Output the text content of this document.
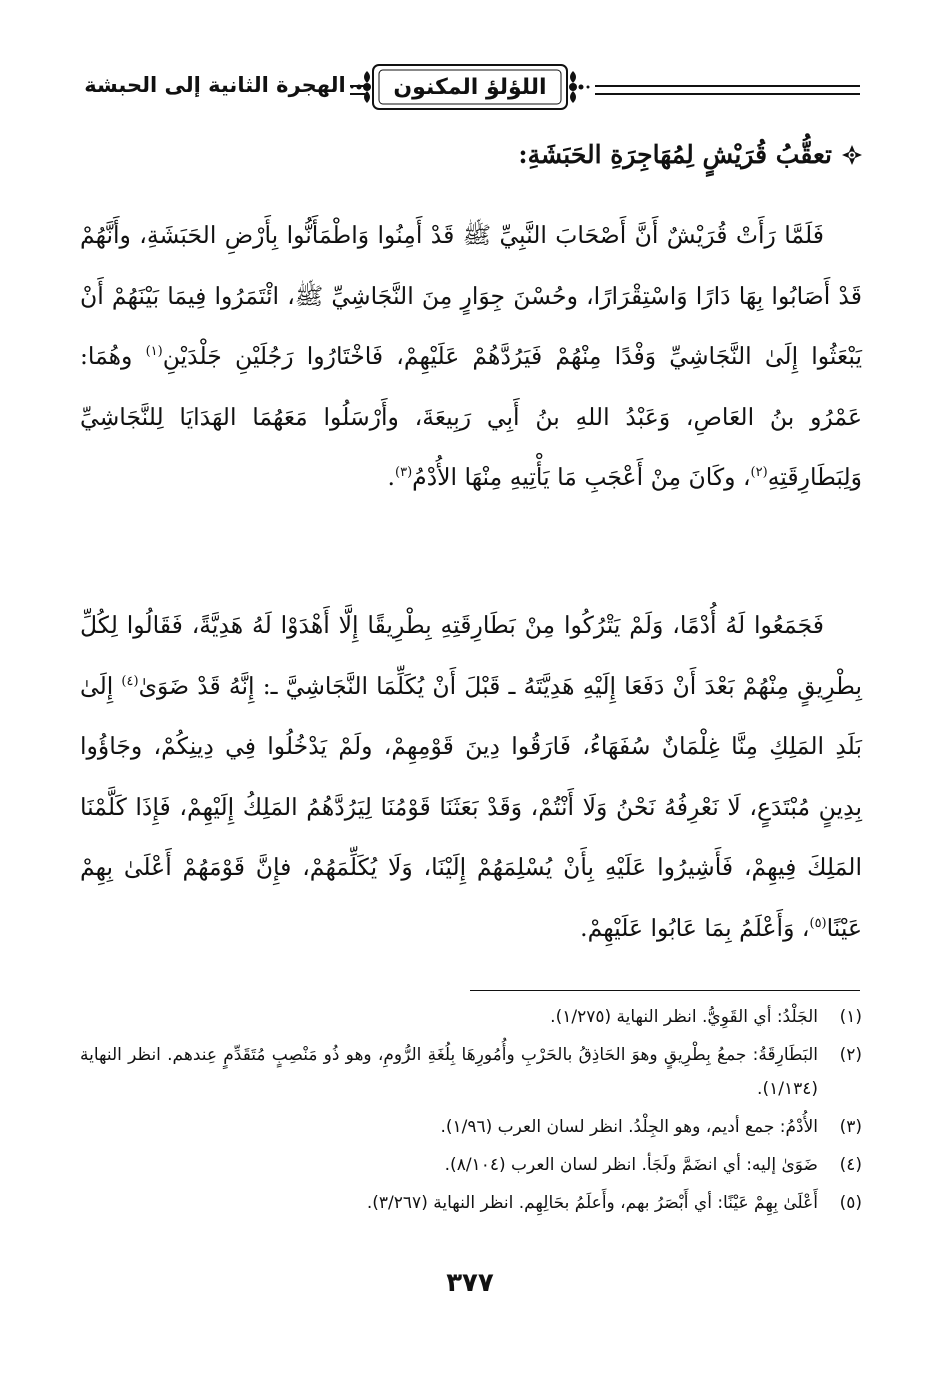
الهجرة الثانية إلى الحبشة	اللؤلؤ المكنون
تعقُّبُ قُرَيْشٍ لِمُهَاجِرَةِ الحَبَشَةِ:
فَلَمَّا رَأَتْ قُرَيْشٌ أَنَّ أَصْحَابَ النَّبِيِّ ﷺ قَدْ أَمِنُوا وَاطْمَأَنُّوا بِأَرْضِ الحَبَشَةِ، وأَنَّهُمْ قَدْ أَصَابُوا بِهَا دَارًا وَاسْتِقْرَارًا، وحُسْنَ جِوَارٍ مِنَ النَّجَاشِيِّ ﷺ، ائْتَمَرُوا فِيمَا بَيْنَهُمْ أَنْ يَبْعَثُوا إِلَىٰ النَّجَاشِيِّ وَفْدًا مِنْهُمْ فَيَرُدَّهُمْ عَلَيْهِمْ، فَاخْتَارُوا رَجُلَيْنِ جَلْدَيْنِ$^{(١)}$ وهُمَا: عَمْرُو بنُ العَاصِ، وَعَبْدُ اللهِ بنُ أَبِي رَبِيعَةَ، وأَرْسَلُوا مَعَهُمَا الهَدَايَا لِلنَّجَاشِيِّ وَلِبَطَارِقَتِهِ$^{(٢)}$، وكَانَ مِنْ أَعْجَبِ مَا يَأْتِيهِ مِنْهَا الأُدْمُ$^{(٣)}$.
فَجَمَعُوا لَهُ أُدْمًا، وَلَمْ يَتْرُكُوا مِنْ بَطَارِقَتِهِ بِطْرِيقًا إِلَّا أَهْدَوْا لَهُ هَدِيَّةً، فَقَالُوا لِكُلِّ بِطْرِيقٍ مِنْهُمْ بَعْدَ أَنْ دَفَعَا إِلَيْهِ هَدِيَّتَهُ ـ قَبْلَ أَنْ يُكَلِّمَا النَّجَاشِيَّ ـ: إِنَّهُ قَدْ ضَوَىٰ$^{(٤)}$ إِلَىٰ بَلَدِ المَلِكِ مِنَّا غِلْمَانٌ سُفَهَاءُ، فَارَقُوا دِينَ قَوْمِهِمْ، ولَمْ يَدْخُلُوا فِي دِينِكُمْ، وجَاؤُوا بِدِينٍ مُبْتَدَعٍ، لَا نَعْرِفُهُ نَحْنُ وَلَا أَنْتُمْ، وَقَدْ بَعَثَنَا قَوْمُنَا لِيَرُدَّهُمُ المَلِكُ إِلَيْهِمْ، فَإِذَا كَلَّمْنَا المَلِكَ فِيهِمْ، فَأَشِيرُوا عَلَيْهِ بِأَنْ يُسْلِمَهُمْ إِلَيْنَا، وَلَا يُكَلِّمَهُمْ، فإِنَّ قَوْمَهُمْ أَعْلَىٰ بِهِمْ عَيْنًا$^{(٥)}$، وَأَعْلَمُ بِمَا عَابُوا عَلَيْهِمْ.
(١)
الجَلْدُ: أي القَوِيُّ. انظر النهاية (١/٢٧٥).
(٢)
البَطَارِقَةُ: جمعُ بِطْرِيقٍ وهوَ الحَاذِقُ بالحَرْبِ وأُمُورِهَا بِلُغَةِ الرُّومِ، وهو ذُو مَنْصِبٍ مُتَقَدِّمٍ عِندهم. انظر النهاية (١/١٣٤).
(٣)
الأُدْمُ: جمع أديم، وهو الجِلْدُ. انظر لسان العرب (١/٩٦).
(٤)
ضَوَىٰ إليه: أي انضَمَّ ولَجَأ. انظر لسان العرب (٨/١٠٤).
(٥)
أَعْلَىٰ بِهِمْ عَيْنًا: أي أَبْصَرُ بهم، وأَعلَمُ بحَالِهِم. انظر النهاية (٣/٢٦٧).
٣٧٧
